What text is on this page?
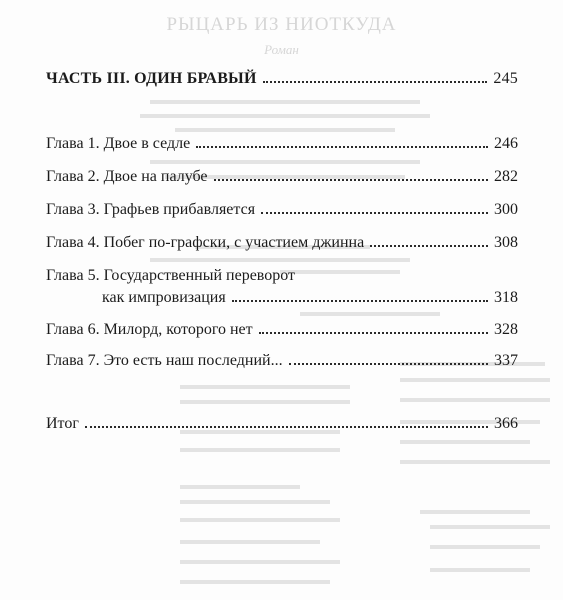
РЫЦАРЬ ИЗ НИОТКУДА
Роман
ЧАСТЬ III. ОДИН БРАВЫЙ	245
Глава 1. Двое в седле	246
Глава 2. Двое на палубе	282
Глава 3. Графьев прибавляется	300
Глава 4. Побег по-графски, с участием джинна	308
Глава 5. Государственный переворот
как импровизация	318
Глава 6. Милорд, которого нет	328
Глава 7. Это есть наш последний...	337
Итог	366
